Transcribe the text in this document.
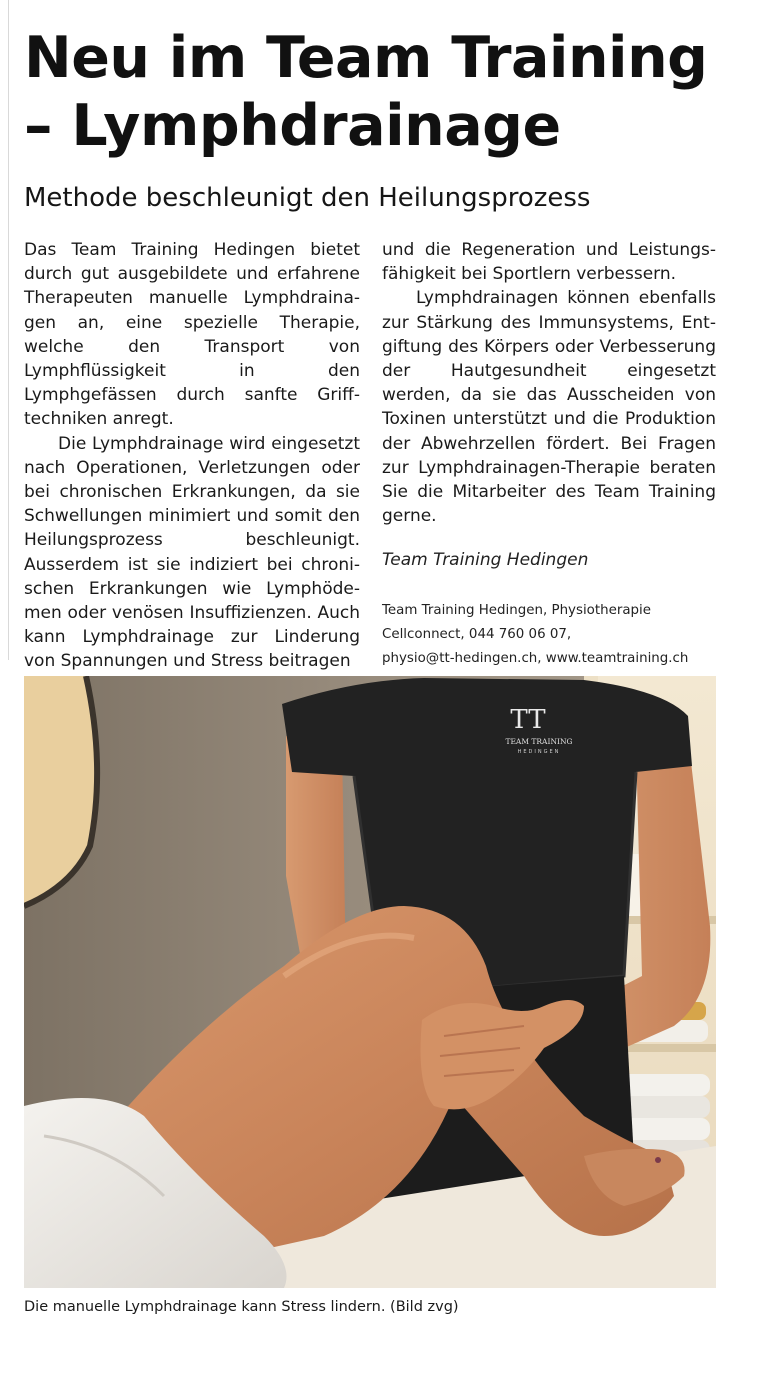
Neu im Team Training
– Lymphdrainage
Methode beschleunigt den Heilungsprozess

Das Team Training Hedingen bietet durch gut ausgebildete und erfahrene Therapeuten manuelle Lymphdrainagen an, eine spezielle Therapie, welche den Transport von Lymphflüssigkeit in den Lymphgefässen durch sanfte Grifftechniken anregt.

Die Lymphdrainage wird eingesetzt nach Operationen, Verletzungen oder bei chronischen Erkrankungen, da sie Schwellungen minimiert und somit den Heilungsprozess beschleunigt. Ausserdem ist sie indiziert bei chronischen Erkrankungen wie Lymphödemen oder venösen Insuffizienzen. Auch kann Lymphdrainage zur Linderung von Spannungen und Stress beitragen

und die Regeneration und Leistungsfähigkeit bei Sportlern verbessern.

Lymphdrainagen können ebenfalls zur Stärkung des Immunsystems, Entgiftung des Körpers oder Verbesserung der Hautgesundheit eingesetzt werden, da sie das Ausscheiden von Toxinen unterstützt und die Produktion der Abwehrzellen fördert. Bei Fragen zur Lymphdrainagen-Therapie beraten Sie die Mitarbeiter des Team Training gerne.

Team Training Hedingen

Team Training Hedingen, Physiotherapie
Cellconnect, 044 760 06 07,
physio@tt-hedingen.ch, www.teamtraining.ch
TT
TEAM TRAINING
HEDINGEN

Die manuelle Lymphdrainage kann Stress lindern. (Bild zvg)
